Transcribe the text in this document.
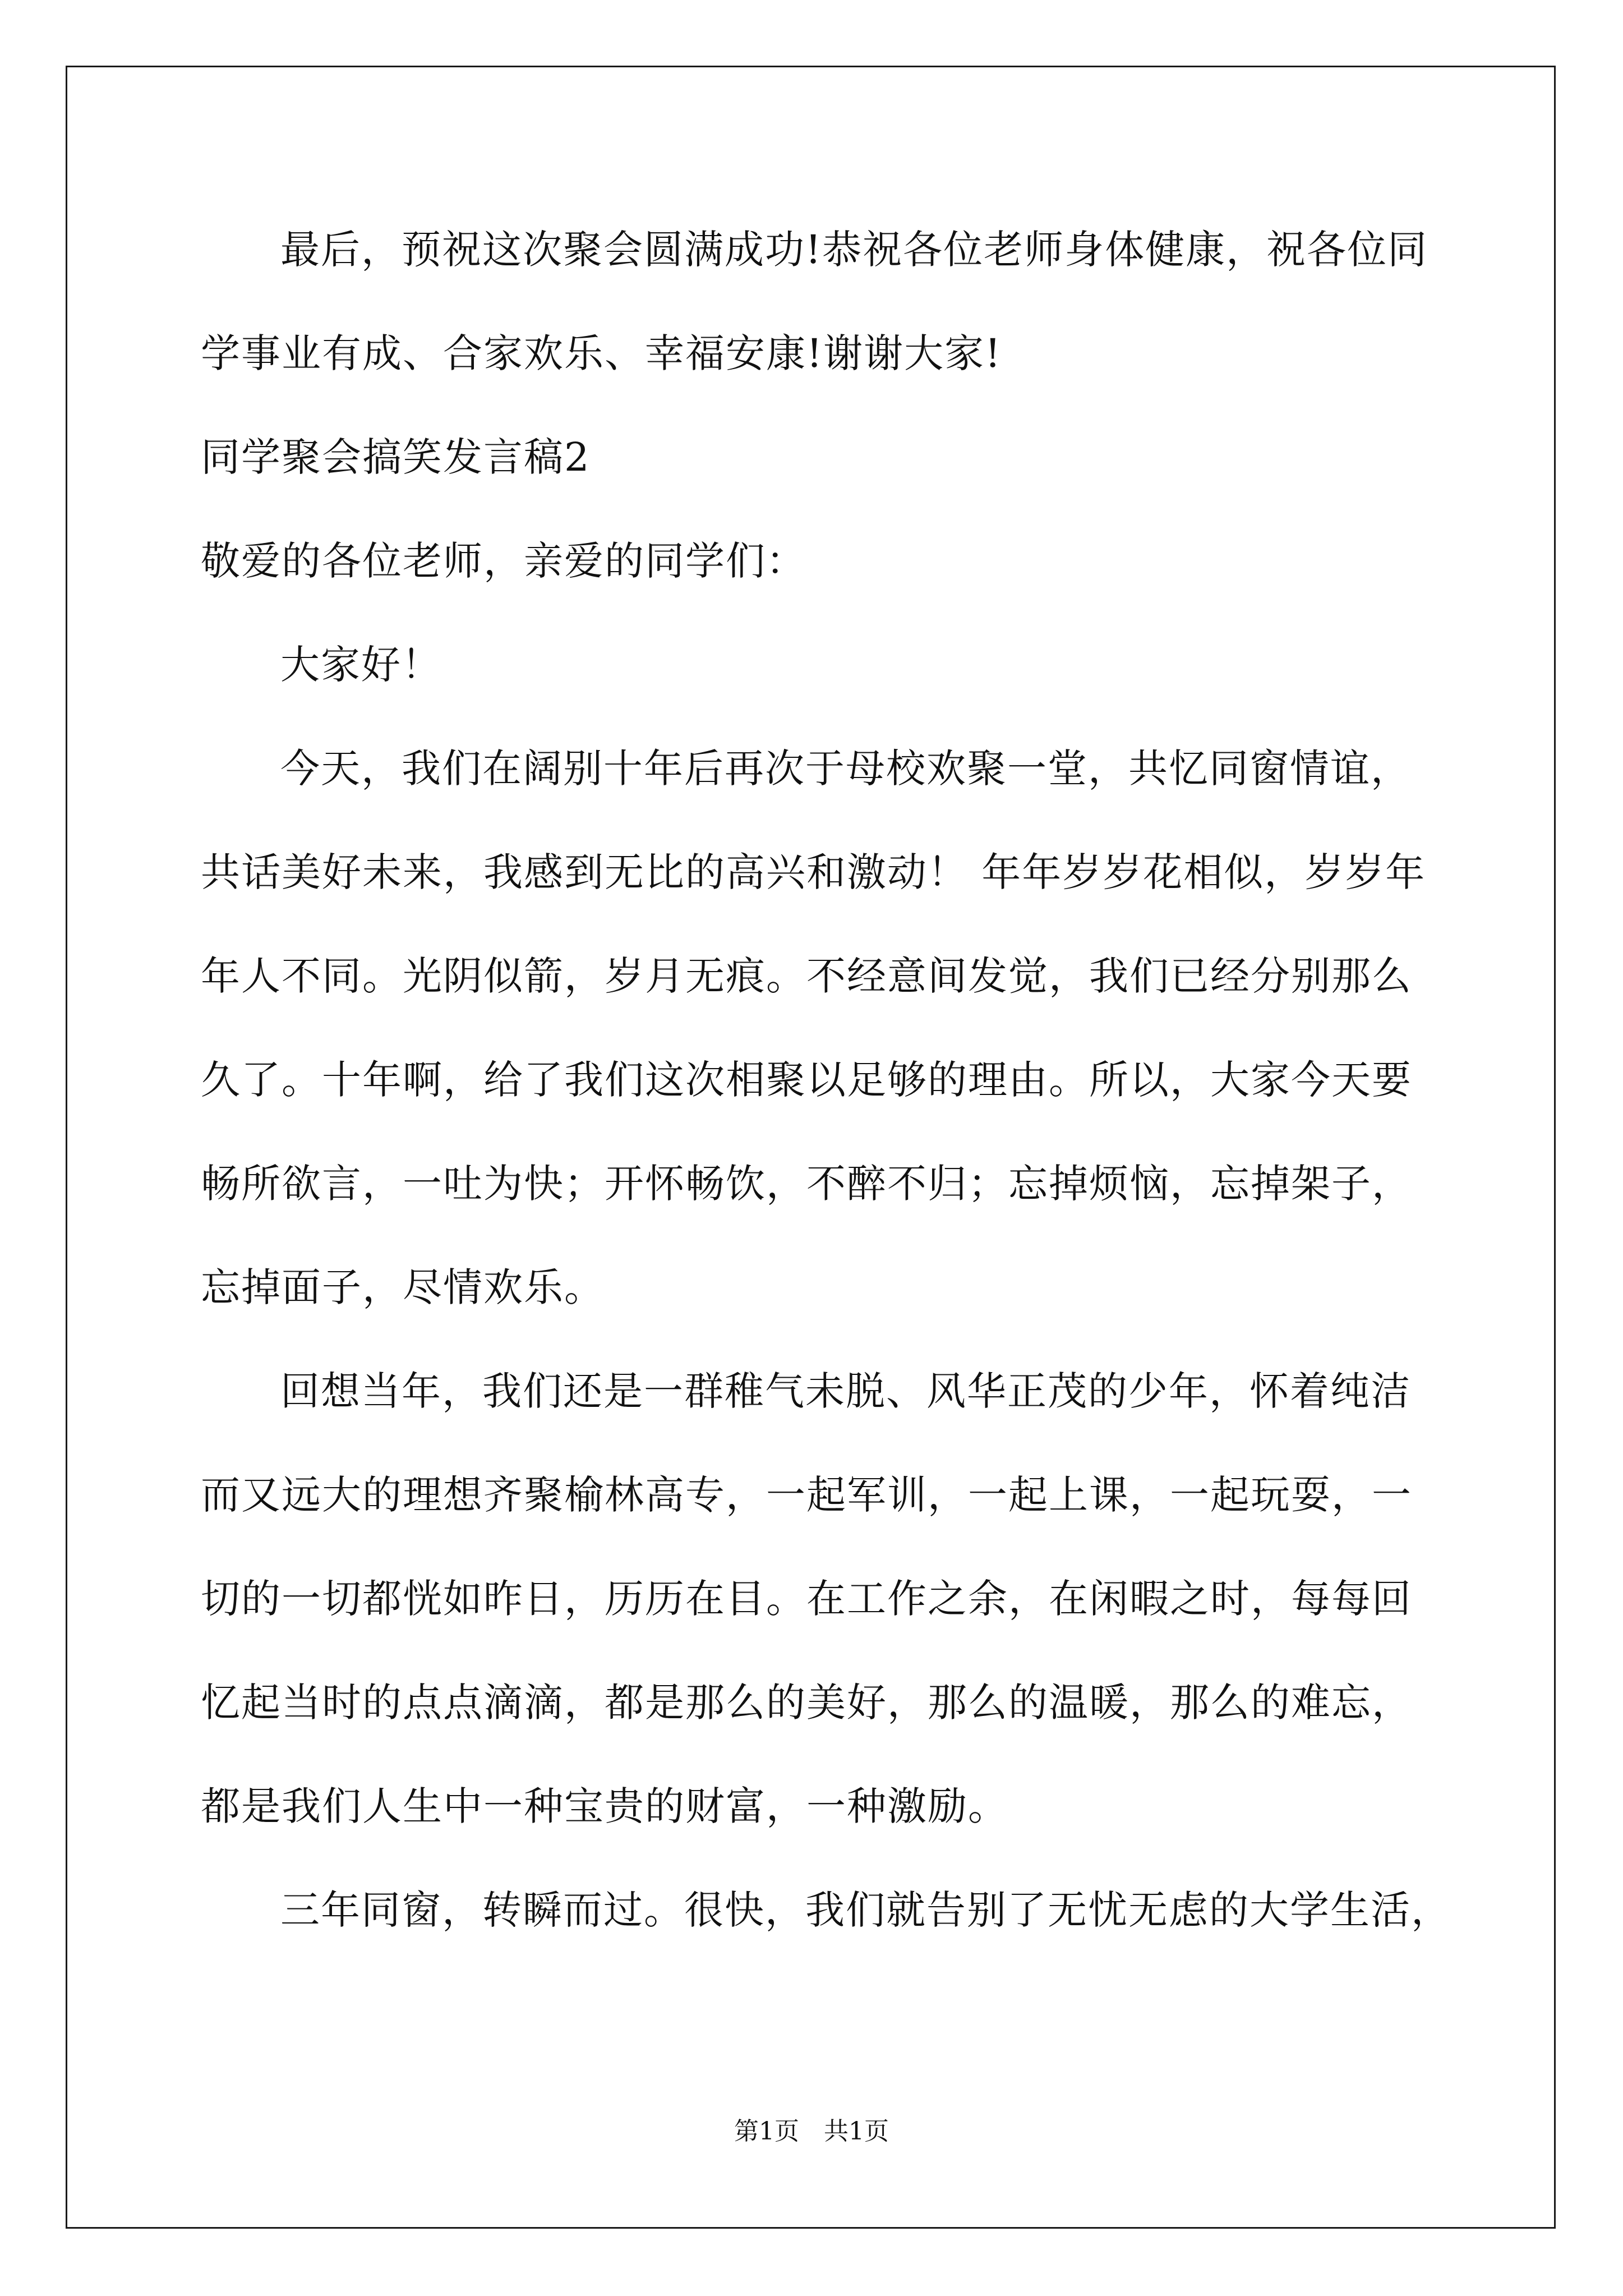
最后，预祝这次聚会圆满成功!恭祝各位老师身体健康，祝各位同
学事业有成、合家欢乐、幸福安康!谢谢大家!
同学聚会搞笑发言稿2
敬爱的各位老师，亲爱的同学们：
大家好！
今天，我们在阔别十年后再次于母校欢聚一堂，共忆同窗情谊，
共话美好未来，我感到无比的高兴和激动！ 年年岁岁花相似，岁岁年
年人不同。光阴似箭，岁月无痕。不经意间发觉，我们已经分别那么
久了。十年啊，给了我们这次相聚以足够的理由。所以，大家今天要
畅所欲言，一吐为快；开怀畅饮，不醉不归；忘掉烦恼，忘掉架子，
忘掉面子，尽情欢乐。
回想当年，我们还是一群稚气未脱、风华正茂的少年，怀着纯洁
而又远大的理想齐聚榆林高专，一起军训，一起上课，一起玩耍，一
切的一切都恍如昨日，历历在目。在工作之余，在闲暇之时，每每回
忆起当时的点点滴滴，都是那么的美好，那么的温暖，那么的难忘，
都是我们人生中一种宝贵的财富，一种激励。
三年同窗，转瞬而过。很快，我们就告别了无忧无虑的大学生活，
第1页　共1页
